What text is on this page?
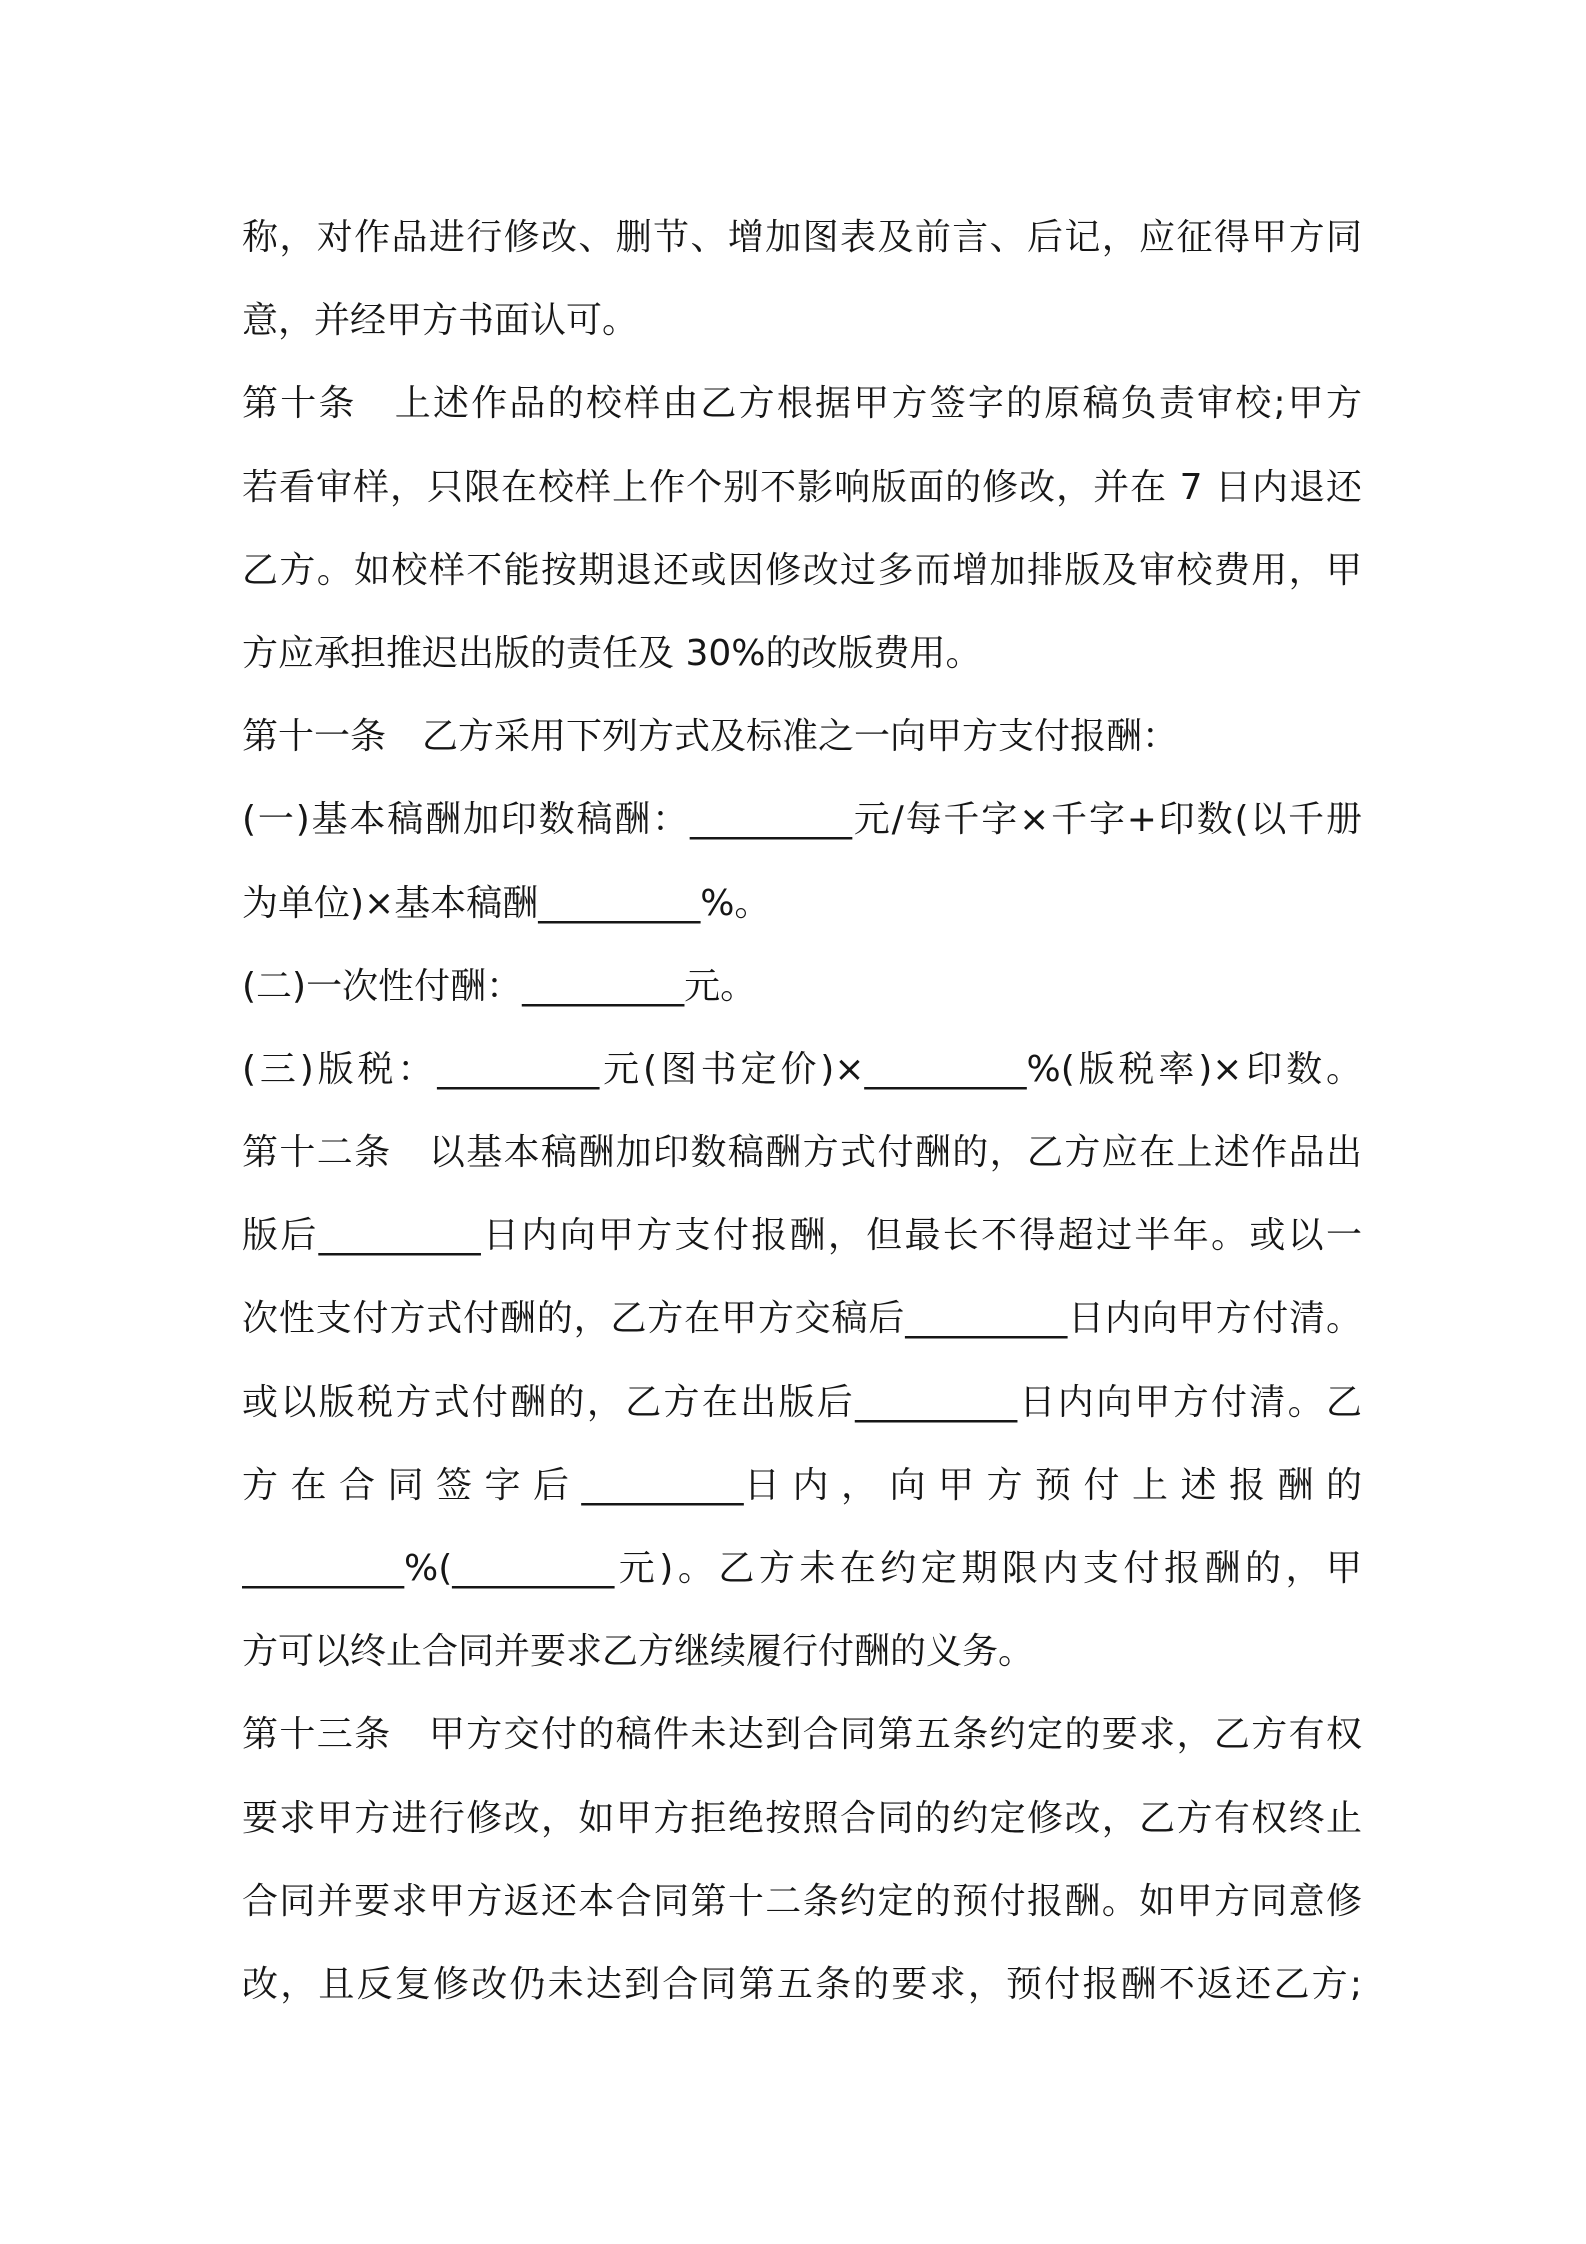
称，对作品进行修改、删节、增加图表及前言、后记，应征得甲方同
意，并经甲方书面认可。
第十条　上述作品的校样由乙方根据甲方签字的原稿负责审校;甲方
若看审样，只限在校样上作个别不影响版面的修改，并在 7 日内退还
乙方。如校样不能按期退还或因修改过多而增加排版及审校费用，甲
方应承担推迟出版的责任及 30%的改版费用。
第十一条　乙方采用下列方式及标准之一向甲方支付报酬：
(一)基本稿酬加印数稿酬：_________元/每千字×千字+印数(以千册
为单位)×基本稿酬_________%。
(二)一次性付酬：_________元。
(三)版税：_________元(图书定价)×_________%(版税率)×印数。
第十二条　以基本稿酬加印数稿酬方式付酬的，乙方应在上述作品出
版后_________日内向甲方支付报酬，但最长不得超过半年。或以一
次性支付方式付酬的，乙方在甲方交稿后_________日内向甲方付清。
或以版税方式付酬的，乙方在出版后_________日内向甲方付清。乙
方 在 合 同 签 字 后 _________日 内 ， 向 甲 方 预 付 上 述 报 酬 的
_________%(_________元)。乙方未在约定期限内支付报酬的，甲
方可以终止合同并要求乙方继续履行付酬的义务。
第十三条　甲方交付的稿件未达到合同第五条约定的要求，乙方有权
要求甲方进行修改，如甲方拒绝按照合同的约定修改，乙方有权终止
合同并要求甲方返还本合同第十二条约定的预付报酬。如甲方同意修
改，且反复修改仍未达到合同第五条的要求，预付报酬不返还乙方;
